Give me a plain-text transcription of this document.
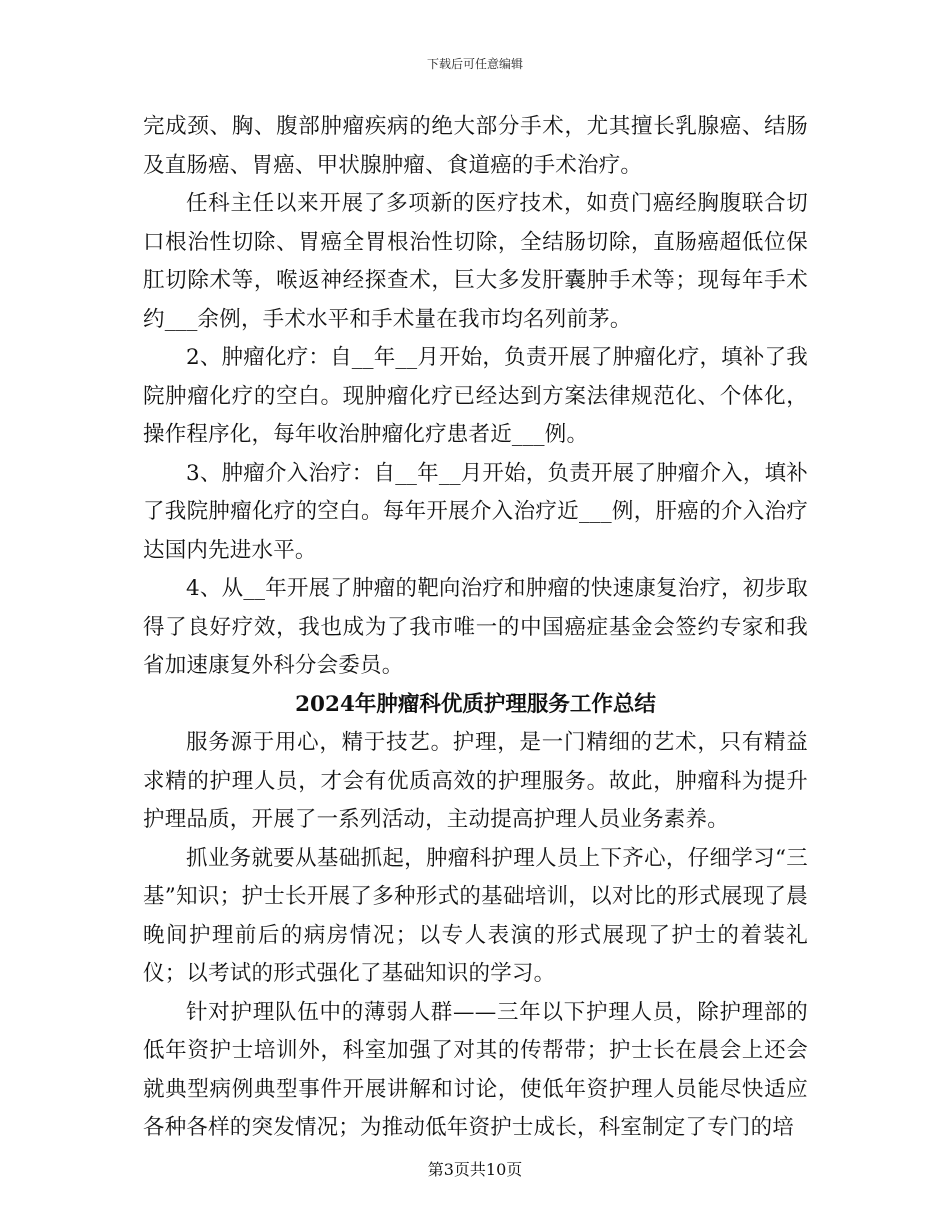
下载后可任意编辑

完成颈、胸、腹部肿瘤疾病的绝大部分手术，尤其擅长乳腺癌、结肠及直肠癌、胃癌、甲状腺肿瘤、食道癌的手术治疗。

任科主任以来开展了多项新的医疗技术，如贲门癌经胸腹联合切口根治性切除、胃癌全胃根治性切除，全结肠切除，直肠癌超低位保肛切除术等，喉返神经探查术，巨大多发肝囊肿手术等；现每年手术约___余例，手术水平和手术量在我市均名列前茅。

2、肿瘤化疗：自__年__月开始，负责开展了肿瘤化疗，填补了我院肿瘤化疗的空白。现肿瘤化疗已经达到方案法律规范化、个体化，操作程序化，每年收治肿瘤化疗患者近___例。

3、肿瘤介入治疗：自__年__月开始，负责开展了肿瘤介入，填补了我院肿瘤化疗的空白。每年开展介入治疗近___例，肝癌的介入治疗达国内先进水平。

4、从__年开展了肿瘤的靶向治疗和肿瘤的快速康复治疗，初步取得了良好疗效，我也成为了我市唯一的中国癌症基金会签约专家和我省加速康复外科分会委员。

2024年肿瘤科优质护理服务工作总结

服务源于用心，精于技艺。护理，是一门精细的艺术，只有精益求精的护理人员，才会有优质高效的护理服务。故此，肿瘤科为提升护理品质，开展了一系列活动，主动提高护理人员业务素养。

抓业务就要从基础抓起，肿瘤科护理人员上下齐心，仔细学习“三基”知识；护士长开展了多种形式的基础培训，以对比的形式展现了晨晚间护理前后的病房情况；以专人表演的形式展现了护士的着装礼仪；以考试的形式强化了基础知识的学习。

针对护理队伍中的薄弱人群——三年以下护理人员，除护理部的低年资护士培训外，科室加强了对其的传帮带；护士长在晨会上还会就典型病例典型事件开展讲解和讨论，使低年资护理人员能尽快适应各种各样的突发情况；为推动低年资护士成长，科室制定了专门的培

第3页共10页
